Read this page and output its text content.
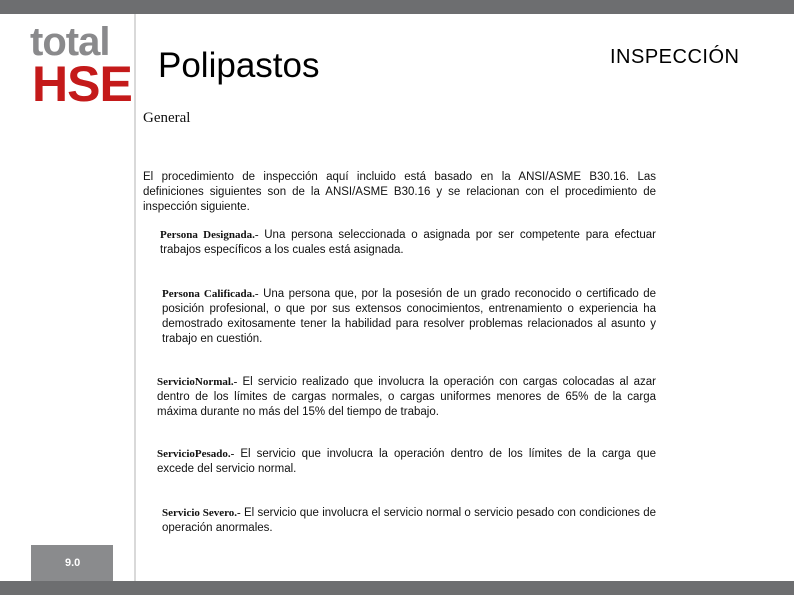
total
HSE Polipastos	INSPECCIÓN
General
El procedimiento de inspección aquí incluido está basado en la ANSI/ASME B30.16. Las definiciones siguientes son de la ANSI/ASME B30.16 y se relacionan con el procedimiento de inspección siguiente.
Persona Designada.- Una persona seleccionada o asignada por ser competente para efectuar trabajos específicos a los cuales está asignada.
Persona Calificada.- Una persona que, por la posesión de un grado reconocido o certificado de posición profesional, o que por sus extensos conocimientos, entrenamiento o experiencia ha demostrado exitosamente tener la habilidad para resolver problemas relacionados al asunto y trabajo en cuestión.
ServicioNormal.- El servicio realizado que involucra la operación con cargas colocadas al azar dentro de los límites de cargas normales, o cargas uniformes menores de 65% de la carga máxima durante no más del 15% del tiempo de trabajo.
ServicioPesado.- El servicio que involucra la operación dentro de los límites de la carga que excede del servicio normal.
Servicio Severo.- El servicio que involucra el servicio normal o servicio pesado con condiciones de operación anormales.
9.0
